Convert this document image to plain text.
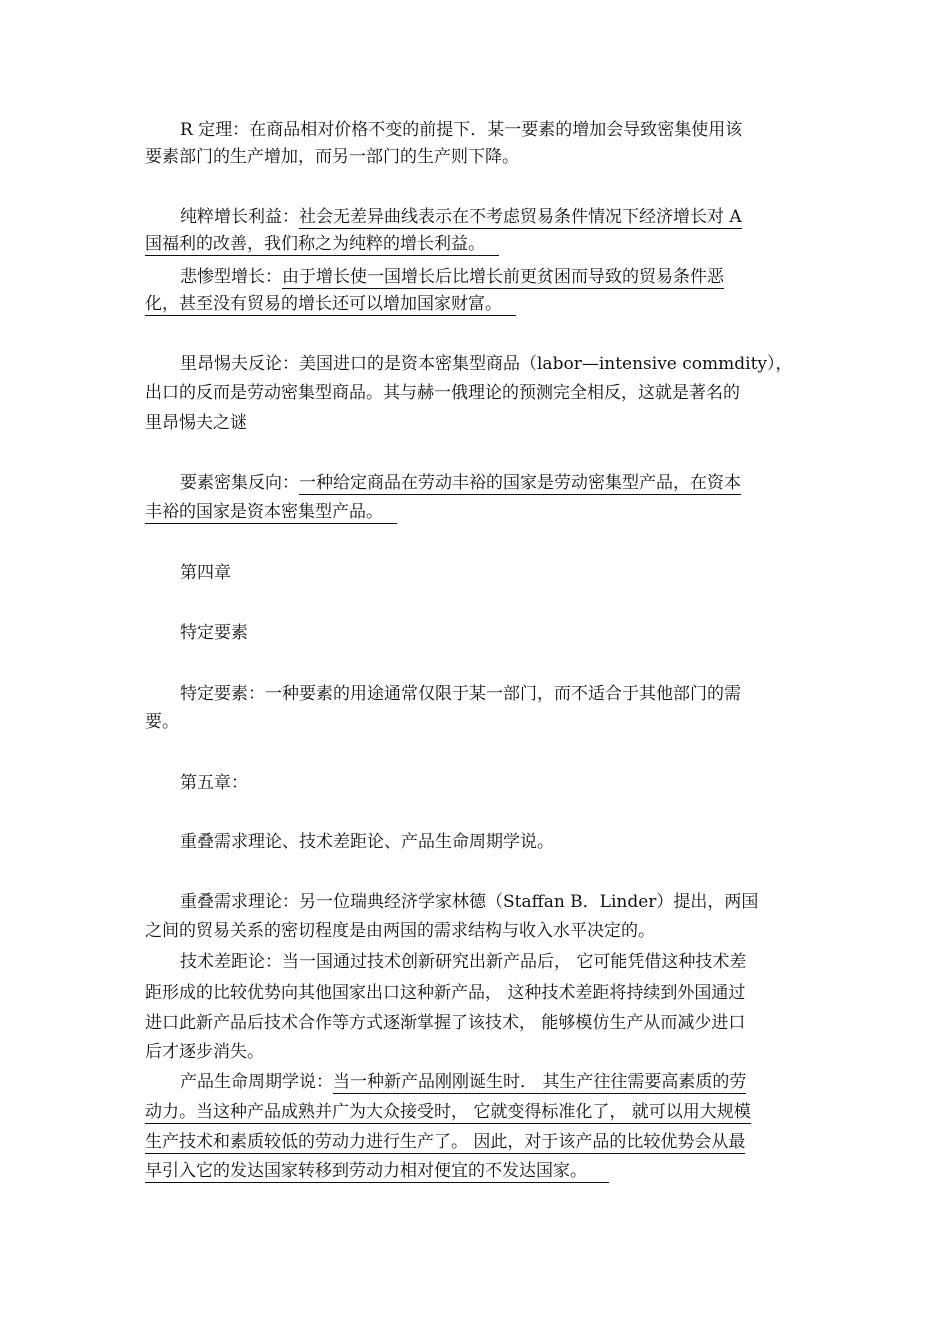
R 定理：在商品相对价格不变的前提下．某一要素的增加会导致密集使用该
要素部门的生产增加，而另一部门的生产则下降。
纯粹增长利益：社会无差异曲线表示在不考虑贸易条件情况下经济增长对 A
国福利的改善，我们称之为纯粹的增长利益。
悲惨型增长：由于增长使一国增长后比增长前更贫困而导致的贸易条件恶
化，甚至没有贸易的增长还可以增加国家财富。
里昂惕夫反论：美国进口的是资本密集型商品（labor—intensive commdity），
出口的反而是劳动密集型商品。其与赫一俄理论的预测完全相反，这就是著名的
里昂惕夫之谜
要素密集反向：一种给定商品在劳动丰裕的国家是劳动密集型产品，在资本
丰裕的国家是资本密集型产品。
第四章
特定要素
特定要素：一种要素的用途通常仅限于某一部门，而不适合于其他部门的需
要。
第五章：
重叠需求理论、技术差距论、产品生命周期学说。
重叠需求理论：另一位瑞典经济学家林德（Staffan B．Linder）提出，两国
之间的贸易关系的密切程度是由两国的需求结构与收入水平决定的。
技术差距论：当一国通过技术创新研究出新产品后， 它可能凭借这种技术差
距形成的比较优势向其他国家出口这种新产品， 这种技术差距将持续到外国通过
进口此新产品后技术合作等方式逐渐掌握了该技术， 能够模仿生产从而减少进口
后才逐步消失。
产品生命周期学说：当一种新产品刚刚诞生时． 其生产往往需要高素质的劳
动力。当这种产品成熟并广为大众接受时， 它就变得标准化了， 就可以用大规模
生产技术和素质较低的劳动力进行生产了。 因此，对于该产品的比较优势会从最
早引入它的发达国家转移到劳动力相对便宜的不发达国家。
